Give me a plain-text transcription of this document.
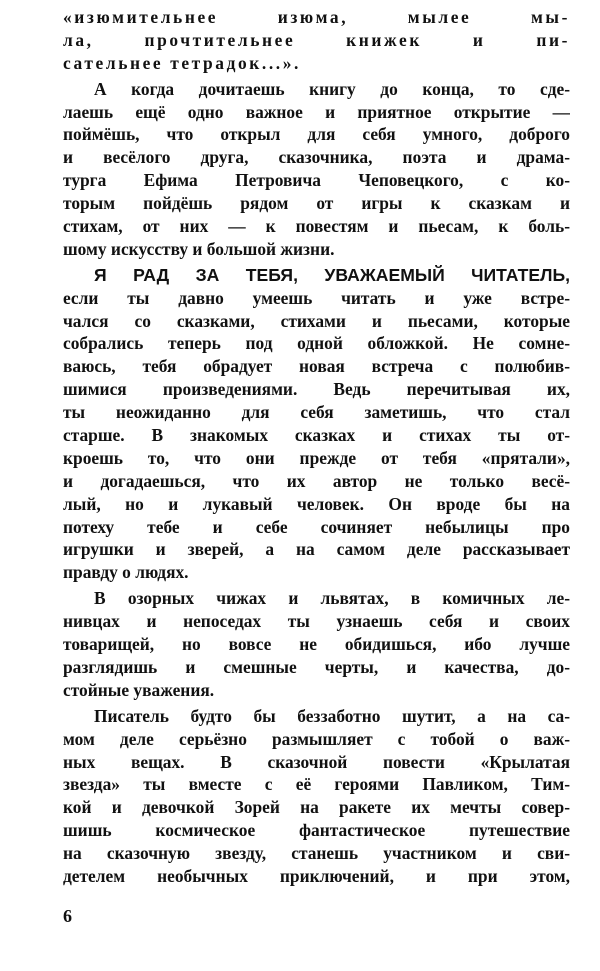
«изюмительнее изюма, мылее мы-
ла, прочтительнее книжек и пи-
сательнее тетрадок...».
А когда дочитаешь книгу до конца, то сде-
лаешь ещё одно важное и приятное открытие —
поймёшь, что открыл для себя умного, доброго
и весёлого друга, сказочника, поэта и драма-
турга Ефима Петровича Чеповецкого, с ко-
торым пойдёшь рядом от игры к сказкам и
стихам, от них — к повестям и пьесам, к боль-
шому искусству и большой жизни.
Я РАД ЗА ТЕБЯ, УВАЖАЕМЫЙ ЧИТАТЕЛЬ,
если ты давно умеешь читать и уже встре-
чался со сказками, стихами и пьесами, которые
собрались теперь под одной обложкой. Не сомне-
ваюсь, тебя обрадует новая встреча с полюбив-
шимися произведениями. Ведь перечитывая их,
ты неожиданно для себя заметишь, что стал
старше. В знакомых сказках и стихах ты от-
кроешь то, что они прежде от тебя «прятали»,
и догадаешься, что их автор не только весё-
лый, но и лукавый человек. Он вроде бы на
потеху тебе и себе сочиняет небылицы про
игрушки и зверей, а на самом деле рассказывает
правду о людях.
В озорных чижах и львятах, в комичных ле-
нивцах и непоседах ты узнаешь себя и своих
товарищей, но вовсе не обидишься, ибо лучше
разглядишь и смешные черты, и качества, до-
стойные уважения.
Писатель будто бы беззаботно шутит, а на са-
мом деле серьёзно размышляет с тобой о важ-
ных вещах. В сказочной повести «Крылатая
звезда» ты вместе с её героями Павликом, Тим-
кой и девочкой Зорей на ракете их мечты совер-
шишь космическое фантастическое путешествие
на сказочную звезду, станешь участником и сви-
детелем необычных приключений, и при этом,
6
